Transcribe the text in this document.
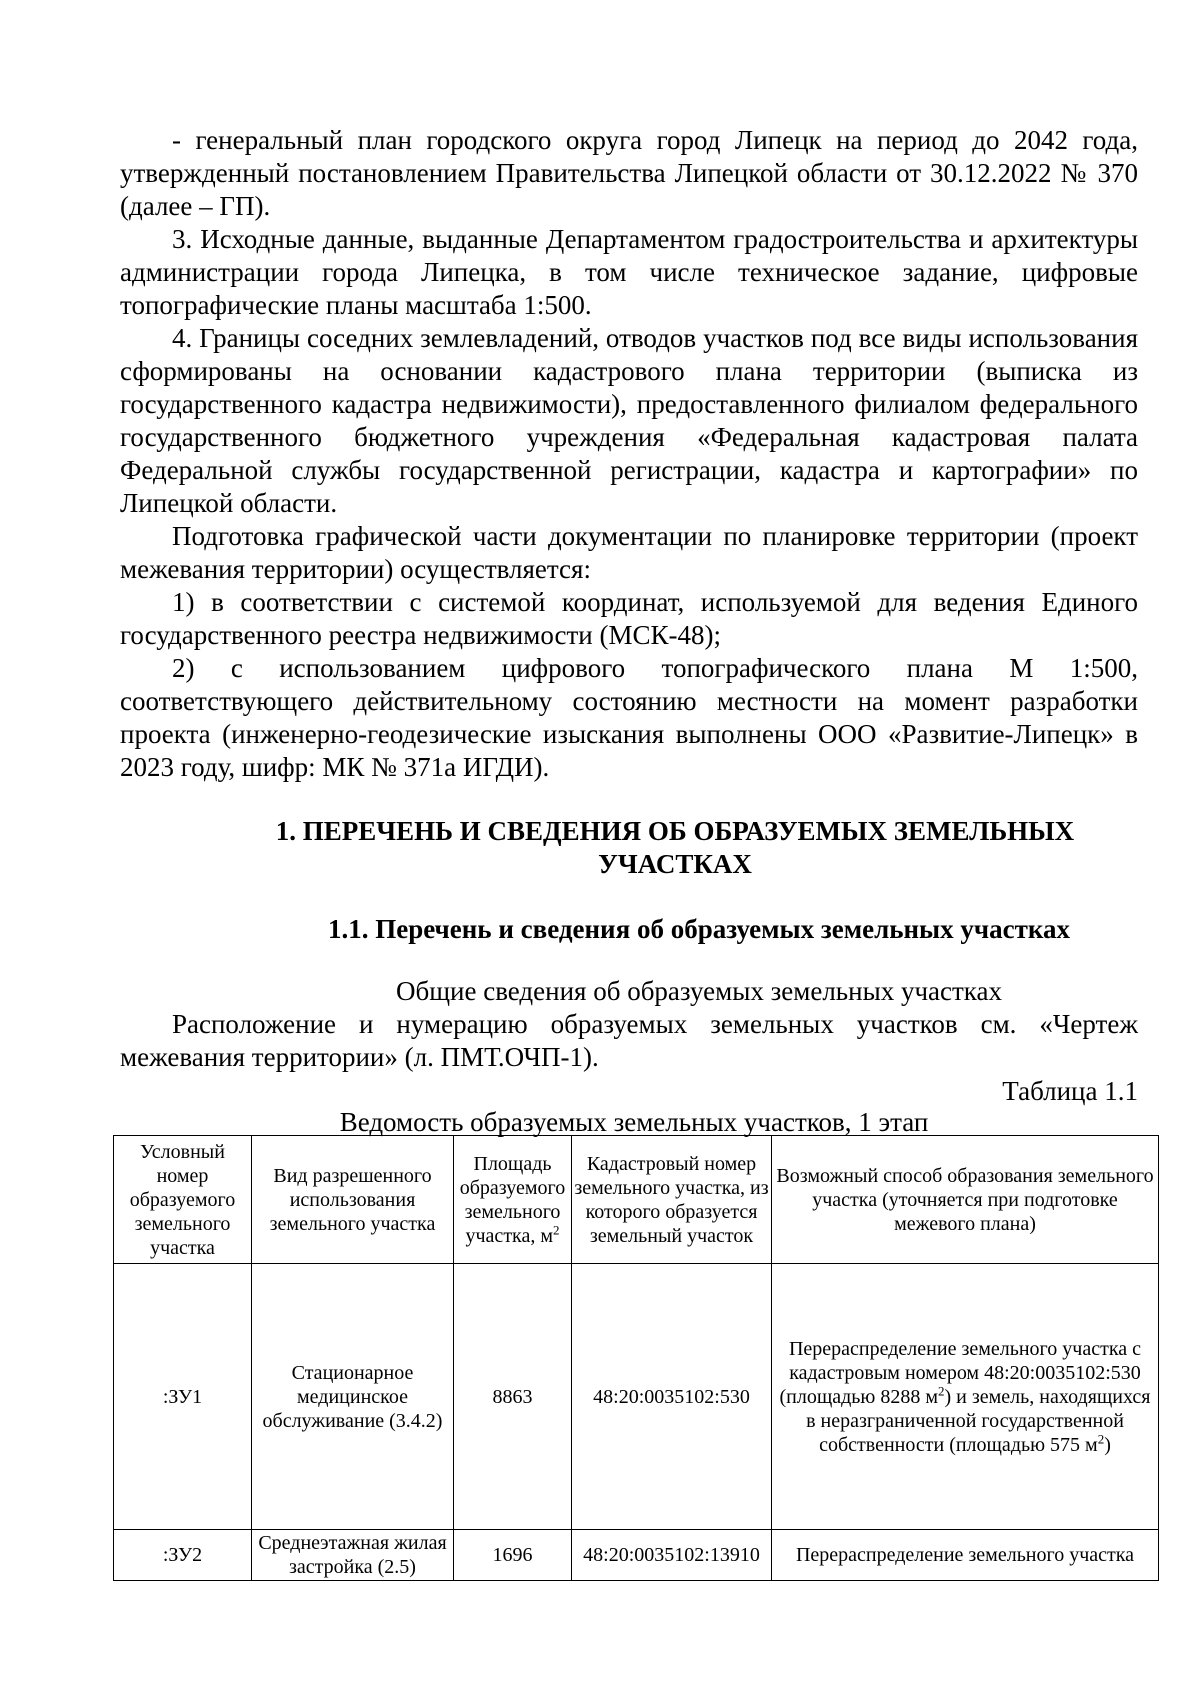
- генеральный план городского округа город Липецк на период до 2042 года, утвержденный постановлением Правительства Липецкой области от 30.12.2022 № 370 (далее – ГП).

3. Исходные данные, выданные Департаментом градостроительства и архитектуры администрации города Липецка, в том числе техническое задание, цифровые топографические планы масштаба 1:500.

4. Границы соседних землевладений, отводов участков под все виды использования сформированы на основании кадастрового плана территории (выписка из государственного кадастра недвижимости), предоставленного филиалом федерального государственного бюджетного учреждения «Федеральная кадастровая палата Федеральной службы государственной регистрации, кадастра и картографии» по Липецкой области.

Подготовка графической части документации по планировке территории (проект межевания территории) осуществляется:

1) в соответствии с системой координат, используемой для ведения Единого государственного реестра недвижимости (МСК-48);

2) с использованием цифрового топографического плана М 1:500, соответствующего действительному состоянию местности на момент разработки проекта (инженерно-геодезические изыскания выполнены ООО «Развитие-Липецк» в 2023 году, шифр: МК № 371а ИГДИ).

1. ПЕРЕЧЕНЬ И СВЕДЕНИЯ ОБ ОБРАЗУЕМЫХ ЗЕМЕЛЬНЫХ УЧАСТКАХ
1.1. Перечень и сведения об образуемых земельных участках
Общие сведения об образуемых земельных участках

Расположение и нумерацию образуемых земельных участков см. «Чертеж межевания территории» (л. ПМТ.ОЧП-1).

Таблица 1.1
Ведомость образуемых земельных участков, 1 этап
Условный номер образуемого земельного участка	Вид разрешенного использования земельного участка	Площадь образуемого земельного участка, $м^2$	Кадастровый номер земельного участка, из которого образуется земельный участок	Возможный способ образования земельного участка (уточняется при подготовке межевого плана)
:ЗУ1	Стационарное медицинское обслуживание (3.4.2)	8863	48:20:0035102:530	Перераспределение земельного участка с кадастровым номером 48:20:0035102:530 (площадью 8288 $м^2$) и земель, находящихся в неразграниченной государственной собственности (площадью 575 $м^2$)
:ЗУ2	Среднеэтажная жилая застройка (2.5)	1696	48:20:0035102:13910	Перераспределение земельного участка
